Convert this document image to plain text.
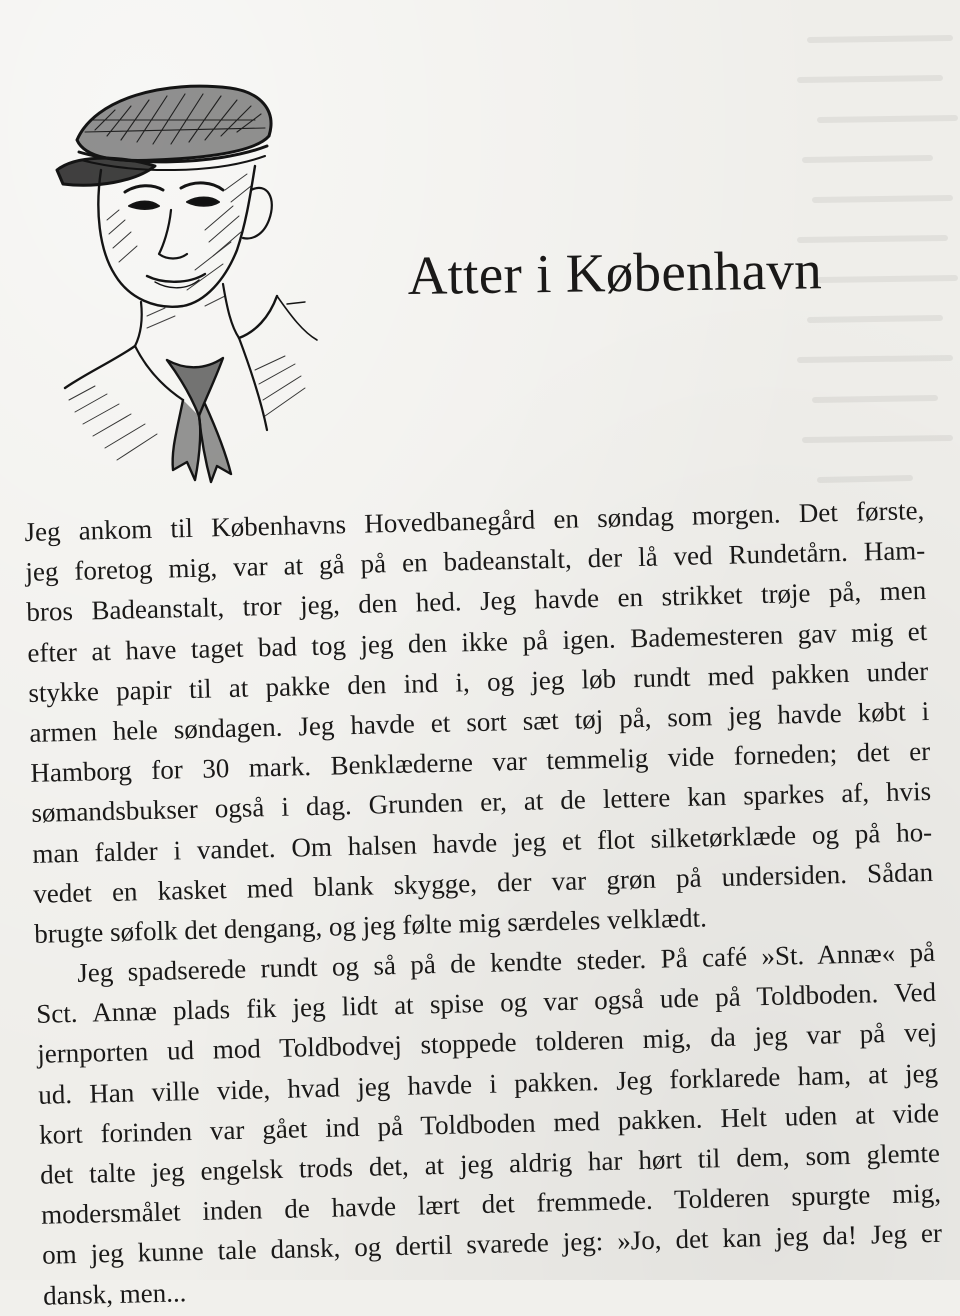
Atter i København
Jeg ankom til Københavns Hovedbanegård en søndag morgen. Det første,
jeg foretog mig, var at gå på en badeanstalt, der lå ved Rundetårn. Ham-
bros Badeanstalt, tror jeg, den hed. Jeg havde en strikket trøje på, men
efter at have taget bad tog jeg den ikke på igen. Bademesteren gav mig et
stykke papir til at pakke den ind i, og jeg løb rundt med pakken under
armen hele søndagen. Jeg havde et sort sæt tøj på, som jeg havde købt i
Hamborg for 30 mark. Benklæderne var temmelig vide forneden; det er
sømandsbukser også i dag. Grunden er, at de lettere kan sparkes af, hvis
man falder i vandet. Om halsen havde jeg et flot silketørklæde og på ho-
vedet en kasket med blank skygge, der var grøn på undersiden. Sådan
brugte søfolk det dengang, og jeg følte mig særdeles velklædt.
Jeg spadserede rundt og så på de kendte steder. På café »St. Annæ« på
Sct. Annæ plads fik jeg lidt at spise og var også ude på Toldboden. Ved
jernporten ud mod Toldbodvej stoppede tolderen mig, da jeg var på vej
ud. Han ville vide, hvad jeg havde i pakken. Jeg forklarede ham, at jeg
kort forinden var gået ind på Toldboden med pakken. Helt uden at vide
det talte jeg engelsk trods det, at jeg aldrig har hørt til dem, som glemte
modersmålet inden de havde lært det fremmede. Tolderen spurgte mig,
om jeg kunne tale dansk, og dertil svarede jeg: »Jo, det kan jeg da! Jeg er
dansk, men...
